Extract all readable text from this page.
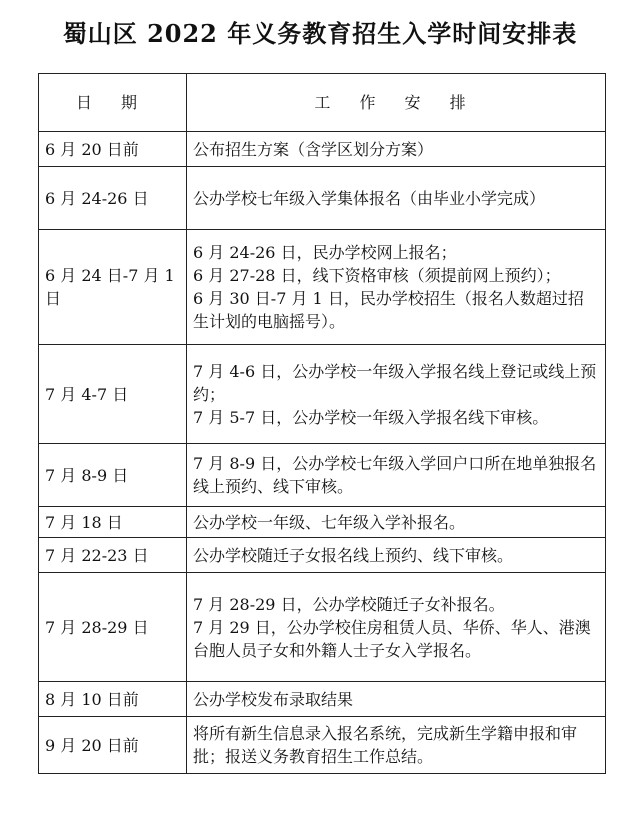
蜀山区 2022 年义务教育招生入学时间安排表
日 期	工 作 安 排
6 月 20 日前	公布招生方案（含学区划分方案）

6 月 24-26 日	公办学校七年级入学集体报名（由毕业小学完成）

6 月 24 日-7 月 1 日	6 月 24-26 日，民办学校网上报名；
6 月 27-28 日，线下资格审核（须提前网上预约）；
6 月 30 日-7 月 1 日，民办学校招生（报名人数超过招生计划的电脑摇号）。

7 月 4-7 日	7 月 4-6 日，公办学校一年级入学报名线上登记或线上预约；
7 月 5-7 日，公办学校一年级入学报名线下审核。

7 月 8-9 日	7 月 8-9 日，公办学校七年级入学回户口所在地单独报名线上预约、线下审核。

7 月 18 日	公办学校一年级、七年级入学补报名。

7 月 22-23 日	公办学校随迁子女报名线上预约、线下审核。

7 月 28-29 日	7 月 28-29 日，公办学校随迁子女补报名。
7 月 29 日，公办学校住房租赁人员、华侨、华人、港澳台胞人员子女和外籍人士子女入学报名。

8 月 10 日前	公办学校发布录取结果

9 月 20 日前	将所有新生信息录入报名系统，完成新生学籍申报和审批；报送义务教育招生工作总结。
